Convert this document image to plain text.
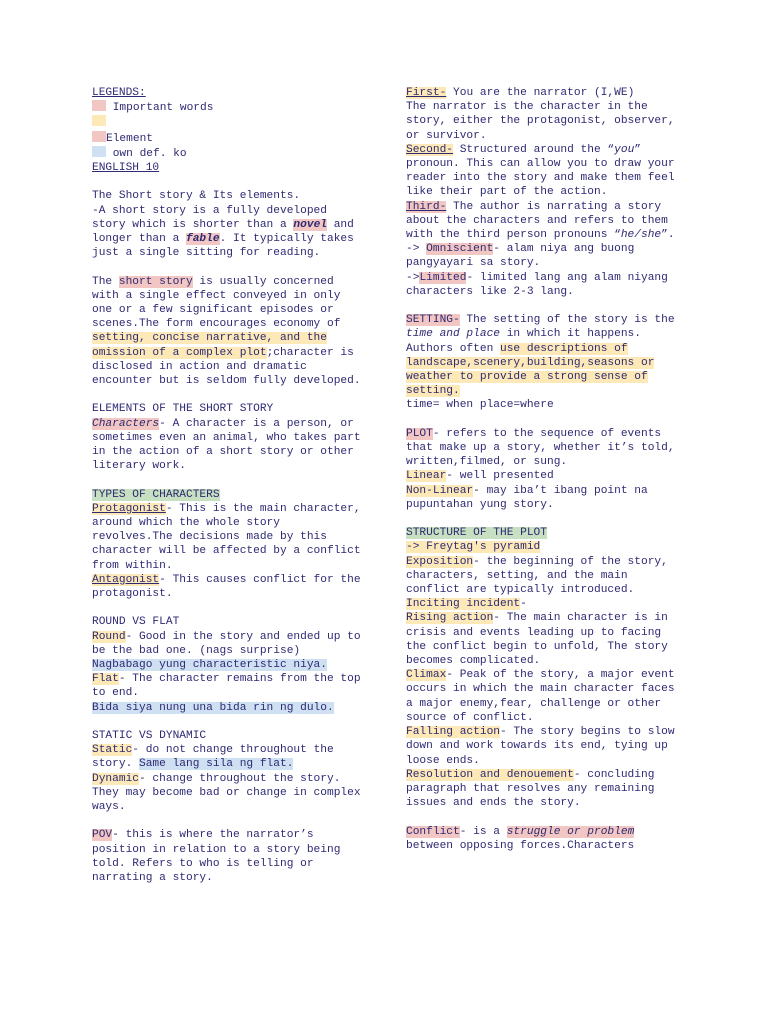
LEGENDS:
Important words
Element
own def. ko
ENGLISH 10
The Short story & Its elements.
-A short story is a fully developed story which is shorter than a novel and longer than a fable. It typically takes just a single sitting for reading.
The short story is usually concerned with a single effect conveyed in only one or a few significant episodes or scenes.The form encourages economy of setting, concise narrative, and the omission of a complex plot;character is disclosed in action and dramatic encounter but is seldom fully developed.
ELEMENTS OF THE SHORT STORY
Characters- A character is a person, or sometimes even an animal, who takes part in the action of a short story or other literary work.
TYPES OF CHARACTERS
Protagonist- This is the main character, around which the whole story revolves.The decisions made by this character will be affected by a conflict from within.
Antagonist- This causes conflict for the protagonist.
ROUND VS FLAT
Round- Good in the story and ended up to be the bad one. (nags surprise)
Nagbabago yung characteristic niya.
Flat- The character remains from the top to end.
Bida siya nung una bida rin ng dulo.
STATIC VS DYNAMIC
Static- do not change throughout the story. Same lang sila ng flat.
Dynamic- change throughout the story. They may become bad or change in complex ways.
POV- this is where the narrator’s position in relation to a story being told. Refers to who is telling or narrating a story.
First- You are the narrator (I,WE)
The narrator is the character in the story, either the protagonist, observer, or survivor.
Second- Structured around the “you” pronoun. This can allow you to draw your reader into the story and make them feel like their part of the action.
Third- The author is narrating a story about the characters and refers to them with the third person pronouns “he/she”.
-> Omniscient- alam niya ang buong pangyayari sa story.
->Limited- limited lang ang alam niyang characters like 2-3 lang.
SETTING- The setting of the story is the time and place in which it happens.
Authors often use descriptions of landscape,scenery,building,seasons or weather to provide a strong sense of setting.
time= when place=where
PLOT- refers to the sequence of events that make up a story, whether it’s told, written,filmed, or sung.
Linear- well presented
Non-Linear- may iba’t ibang point na pupuntahan yung story.
STRUCTURE OF THE PLOT
-> Freytag's pyramid
Exposition- the beginning of the story, characters, setting, and the main conflict are typically introduced.
Inciting incident-
Rising action- The main character is in crisis and events leading up to facing the conflict begin to unfold, The story becomes complicated.
Climax- Peak of the story, a major event occurs in which the main character faces a major enemy,fear, challenge or other source of conflict.
Falling action- The story begins to slow down and work towards its end, tying up loose ends.
Resolution and denouement- concluding paragraph that resolves any remaining issues and ends the story.
Conflict- is a struggle or problem between opposing forces.Characters
